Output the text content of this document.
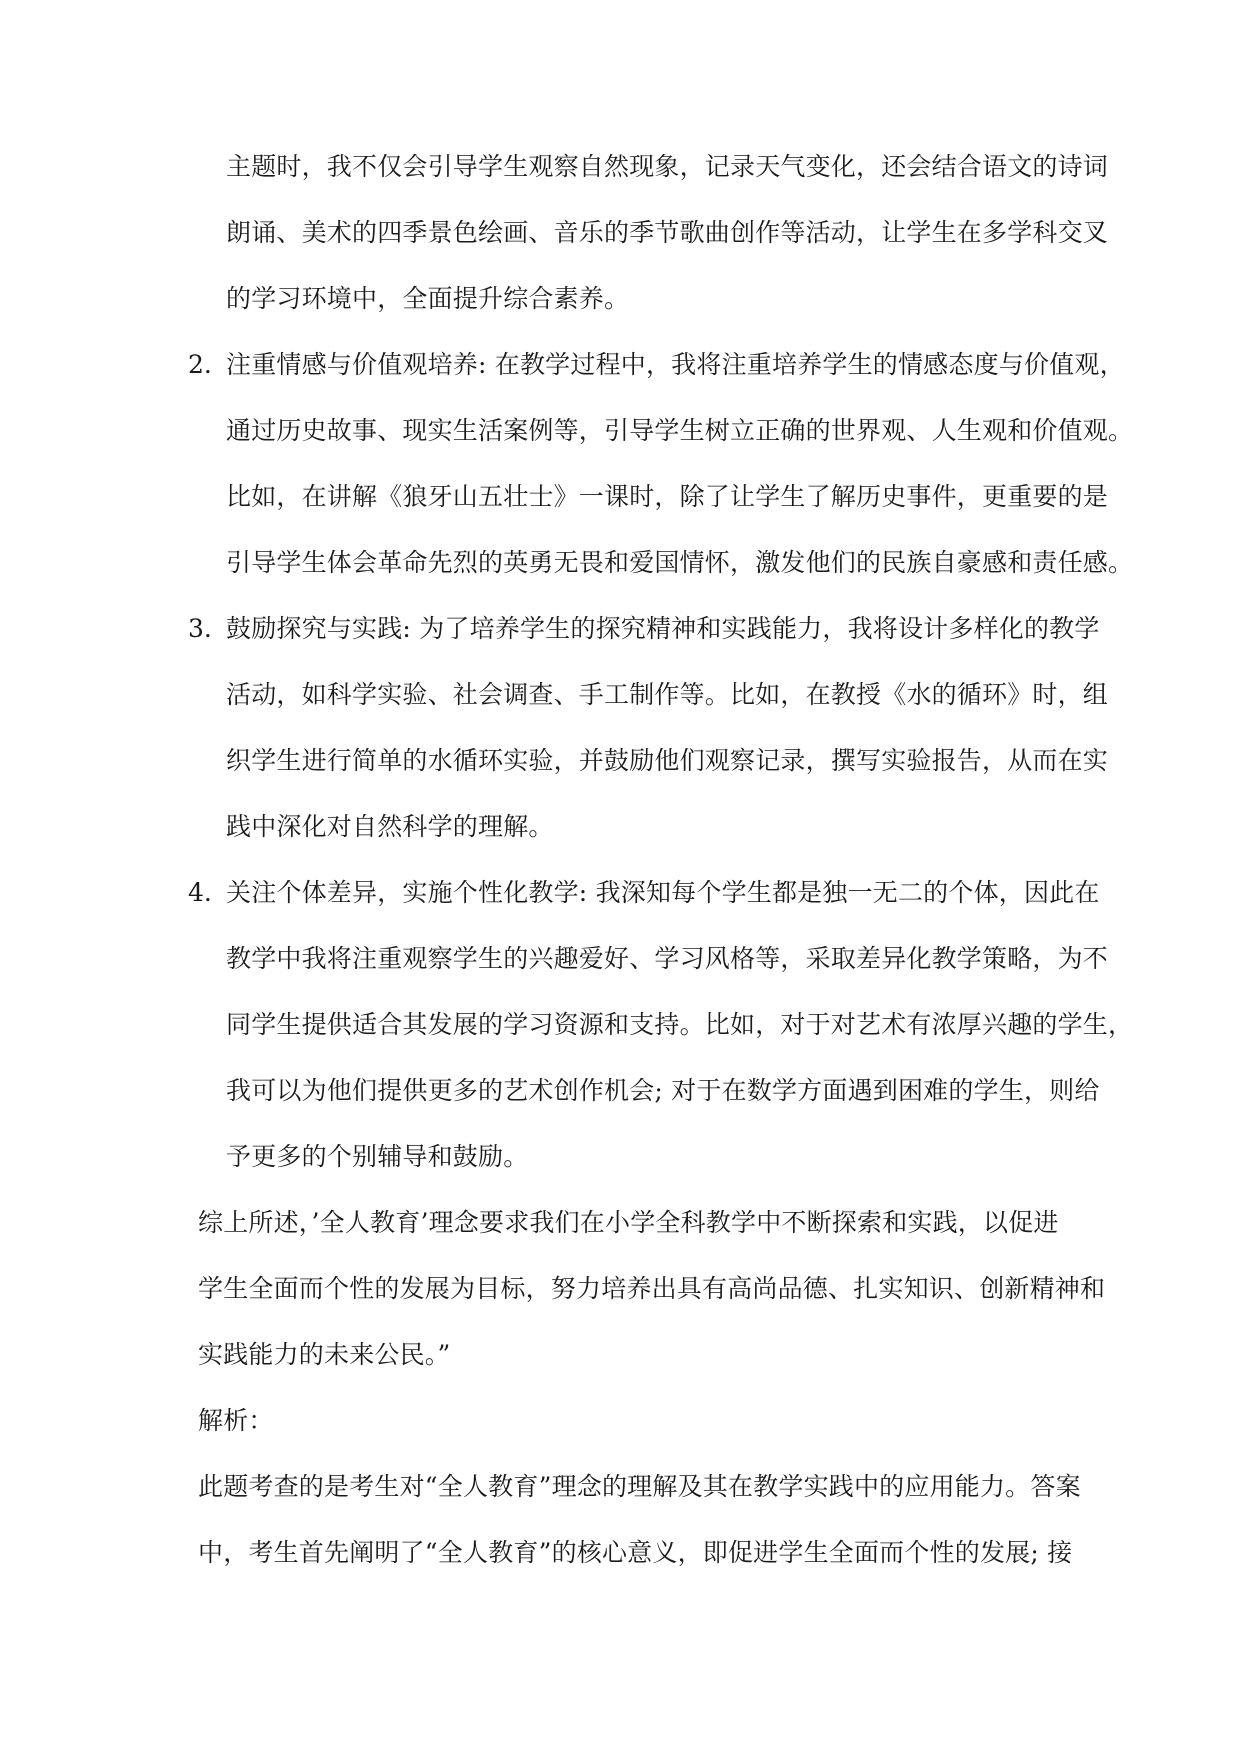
主题时，我不仅会引导学生观察自然现象，记录天气变化，还会结合语文的诗词
朗诵、美术的四季景色绘画、音乐的季节歌曲创作等活动，让学生在多学科交叉
的学习环境中，全面提升综合素养。
2. 注重情感与价值观培养: 在教学过程中，我将注重培养学生的情感态度与价值观，
通过历史故事、现实生活案例等，引导学生树立正确的世界观、人生观和价值观。
比如，在讲解《狼牙山五壮士》一课时，除了让学生了解历史事件，更重要的是
引导学生体会革命先烈的英勇无畏和爱国情怀，激发他们的民族自豪感和责任感。
3. 鼓励探究与实践: 为了培养学生的探究精神和实践能力，我将设计多样化的教学
活动，如科学实验、社会调查、手工制作等。比如，在教授《水的循环》时，组
织学生进行简单的水循环实验，并鼓励他们观察记录，撰写实验报告，从而在实
践中深化对自然科学的理解。
4. 关注个体差异，实施个性化教学: 我深知每个学生都是独一无二的个体，因此在
教学中我将注重观察学生的兴趣爱好、学习风格等，采取差异化教学策略，为不
同学生提供适合其发展的学习资源和支持。比如，对于对艺术有浓厚兴趣的学生，
我可以为他们提供更多的艺术创作机会; 对于在数学方面遇到困难的学生，则给
予更多的个别辅导和鼓励。
综上所述，’全人教育’理念要求我们在小学全科教学中不断探索和实践，以促进
学生全面而个性的发展为目标，努力培养出具有高尚品德、扎实知识、创新精神和
实践能力的未来公民。”
解析：
此题考查的是考生对“全人教育”理念的理解及其在教学实践中的应用能力。答案
中，考生首先阐明了“全人教育”的核心意义，即促进学生全面而个性的发展; 接
